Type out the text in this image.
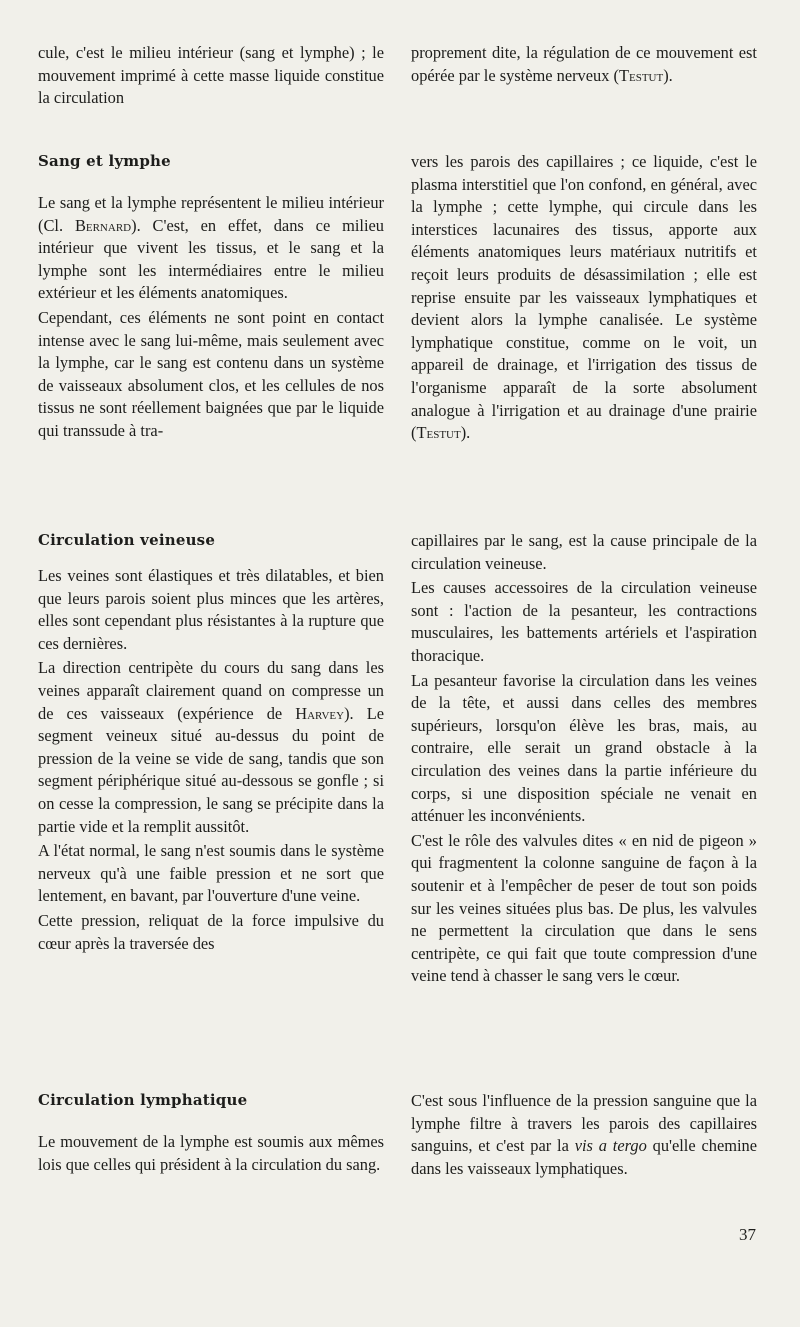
cule, c'est le milieu intérieur (sang et lymphe) ; le mouvement imprimé à cette masse liquide constitue la circulation

Sang et lymphe

Le sang et la lymphe représentent le milieu intérieur (Cl. Bernard). C'est, en effet, dans ce milieu intérieur que vivent les tissus, et le sang et la lymphe sont les intermédiaires entre le milieu extérieur et les éléments anatomiques.

Cependant, ces éléments ne sont point en contact intense avec le sang lui-même, mais seulement avec la lymphe, car le sang est contenu dans un système de vaisseaux absolument clos, et les cellules de nos tissus ne sont réellement baignées que par le liquide qui transsude à tra-

Circulation veineuse

Les veines sont élastiques et très dilatables, et bien que leurs parois soient plus minces que les artères, elles sont cependant plus résistantes à la rupture que ces dernières.

La direction centripète du cours du sang dans les veines apparaît clairement quand on compresse un de ces vaisseaux (expérience de Harvey). Le segment veineux situé au-dessus du point de pression de la veine se vide de sang, tandis que son segment périphérique situé au-dessous se gonfle ; si on cesse la compression, le sang se précipite dans la partie vide et la remplit aussitôt.

A l'état normal, le sang n'est soumis dans le système nerveux qu'à une faible pression et ne sort que lentement, en bavant, par l'ouverture d'une veine.

Cette pression, reliquat de la force impulsive du cœur après la traversée des

Circulation lymphatique

Le mouvement de la lymphe est soumis aux mêmes lois que celles qui président à la circulation du sang.

proprement dite, la régulation de ce mouvement est opérée par le système nerveux (Testut).

vers les parois des capillaires ; ce liquide, c'est le plasma interstitiel que l'on confond, en général, avec la lymphe ; cette lymphe, qui circule dans les interstices lacunaires des tissus, apporte aux éléments anatomiques leurs matériaux nutritifs et reçoit leurs produits de désassimilation ; elle est reprise ensuite par les vaisseaux lymphatiques et devient alors la lymphe canalisée. Le système lymphatique constitue, comme on le voit, un appareil de drainage, et l'irrigation des tissus de l'organisme apparaît de la sorte absolument analogue à l'irrigation et au drainage d'une prairie (Testut).

capillaires par le sang, est la cause principale de la circulation veineuse.

Les causes accessoires de la circulation veineuse sont : l'action de la pesanteur, les contractions musculaires, les battements artériels et l'aspiration thoracique.

La pesanteur favorise la circulation dans les veines de la tête, et aussi dans celles des membres supérieurs, lorsqu'on élève les bras, mais, au contraire, elle serait un grand obstacle à la circulation des veines dans la partie inférieure du corps, si une disposition spéciale ne venait en atténuer les inconvénients.

C'est le rôle des valvules dites « en nid de pigeon » qui fragmentent la colonne sanguine de façon à la soutenir et à l'empêcher de peser de tout son poids sur les veines situées plus bas. De plus, les valvules ne permettent la circulation que dans le sens centripète, ce qui fait que toute compression d'une veine tend à chasser le sang vers le cœur.

C'est sous l'influence de la pression sanguine que la lymphe filtre à travers les parois des capillaires sanguins, et c'est par la vis a tergo qu'elle chemine dans les vaisseaux lymphatiques.

37
